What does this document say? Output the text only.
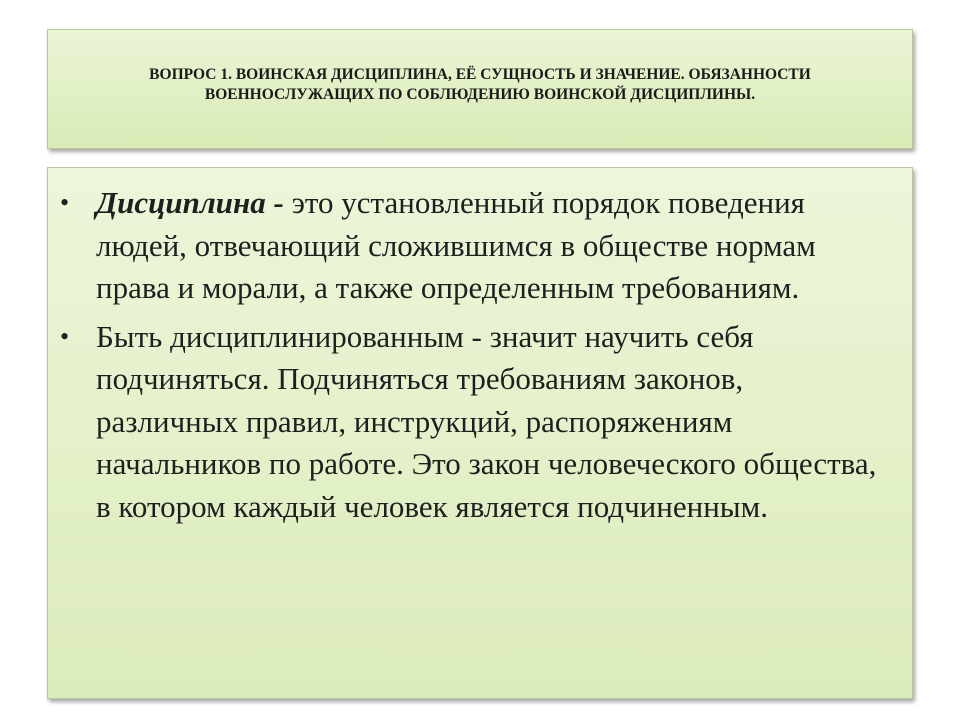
ВОПРОС 1. ВОИНСКАЯ ДИСЦИПЛИНА, ЕЁ СУЩНОСТЬ И ЗНАЧЕНИЕ. ОБЯЗАННОСТИ
ВОЕННОСЛУЖАЩИХ ПО СОБЛЮДЕНИЮ ВОИНСКОЙ ДИСЦИПЛИНЫ.
• Дисциплина - это установленный порядок поведения людей, отвечающий сложившимся в обществе нормам права и морали, а также определенным требованиям.
• Быть дисциплинированным - значит научить себя подчиняться. Подчиняться требованиям законов, различных правил, инструкций, распоряжениям начальников по работе. Это закон человеческого общества, в котором каждый человек является подчиненным.
